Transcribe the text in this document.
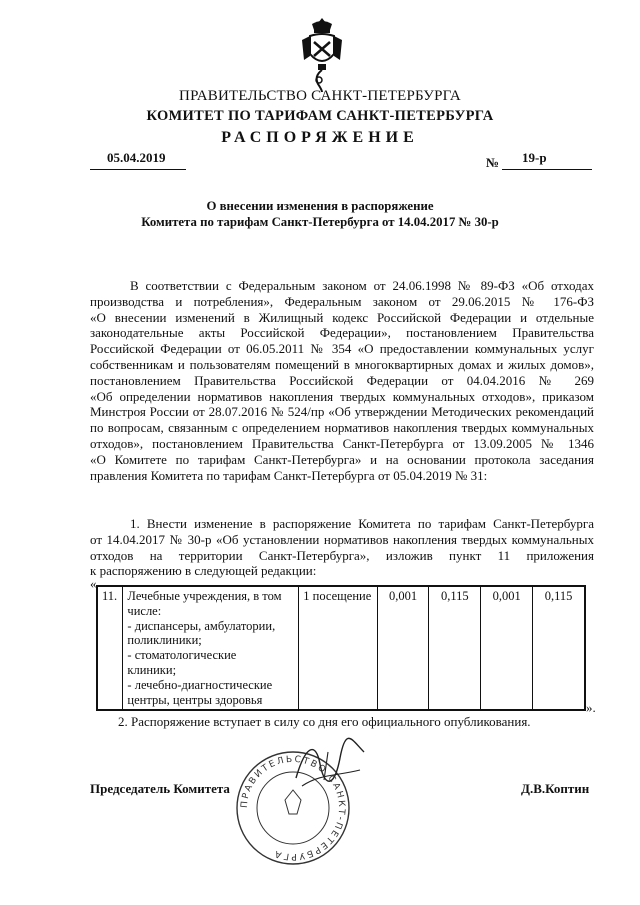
ПРАВИТЕЛЬСТВО САНКТ-ПЕТЕРБУРГА
КОМИТЕТ ПО ТАРИФАМ САНКТ-ПЕТЕРБУРГА
РАСПОРЯЖЕНИЕ
05.04.2019	№ 19-р
О внесении изменения в распоряжение
Комитета по тарифам Санкт-Петербурга от 14.04.2017 № 30-р
В соответствии с Федеральным законом от 24.06.1998 № 89-ФЗ «Об отходах
производства и потребления», Федеральным законом от 29.06.2015 № 176-ФЗ
«О внесении изменений в Жилищный кодекс Российской Федерации и отдельные
законодательные акты Российской Федерации», постановлением Правительства
Российской Федерации от 06.05.2011 № 354 «О предоставлении коммунальных услуг
собственникам и пользователям помещений в многоквартирных домах и жилых домов»,
постановлением Правительства Российской Федерации от 04.04.2016 № 269
«Об определении нормативов накопления твердых коммунальных отходов», приказом
Минстроя России от 28.07.2016 № 524/пр «Об утверждении Методических рекомендаций
по вопросам, связанным с определением нормативов накопления твердых коммунальных
отходов», постановлением Правительства Санкт-Петербурга от 13.09.2005 № 1346
«О Комитете по тарифам Санкт-Петербурга» и на основании протокола заседания
правления Комитета по тарифам Санкт-Петербурга от 05.04.2019 № 31:
1. Внести изменение в распоряжение Комитета по тарифам Санкт-Петербурга
от 14.04.2017 № 30-р «Об установлении нормативов накопления твердых коммунальных
отходов на территории Санкт-Петербурга», изложив пункт 11 приложения
к распоряжению в следующей редакции:
«
11.	Лечебные учреждения, в том
числе:
- диспансеры, амбулатории,
поликлиники;
- стоматологические
клиники;
- лечебно-диагностические
центры, центры здоровья
	1 посещение	0,001	0,115	0,001	0,115
».
2. Распоряжение вступает в силу со дня его официального опубликования.
Председатель Комитета	Д.В.Коптин
ПРАВИТЕЛЬСТВО САНКТ-ПЕТЕРБУРГА
